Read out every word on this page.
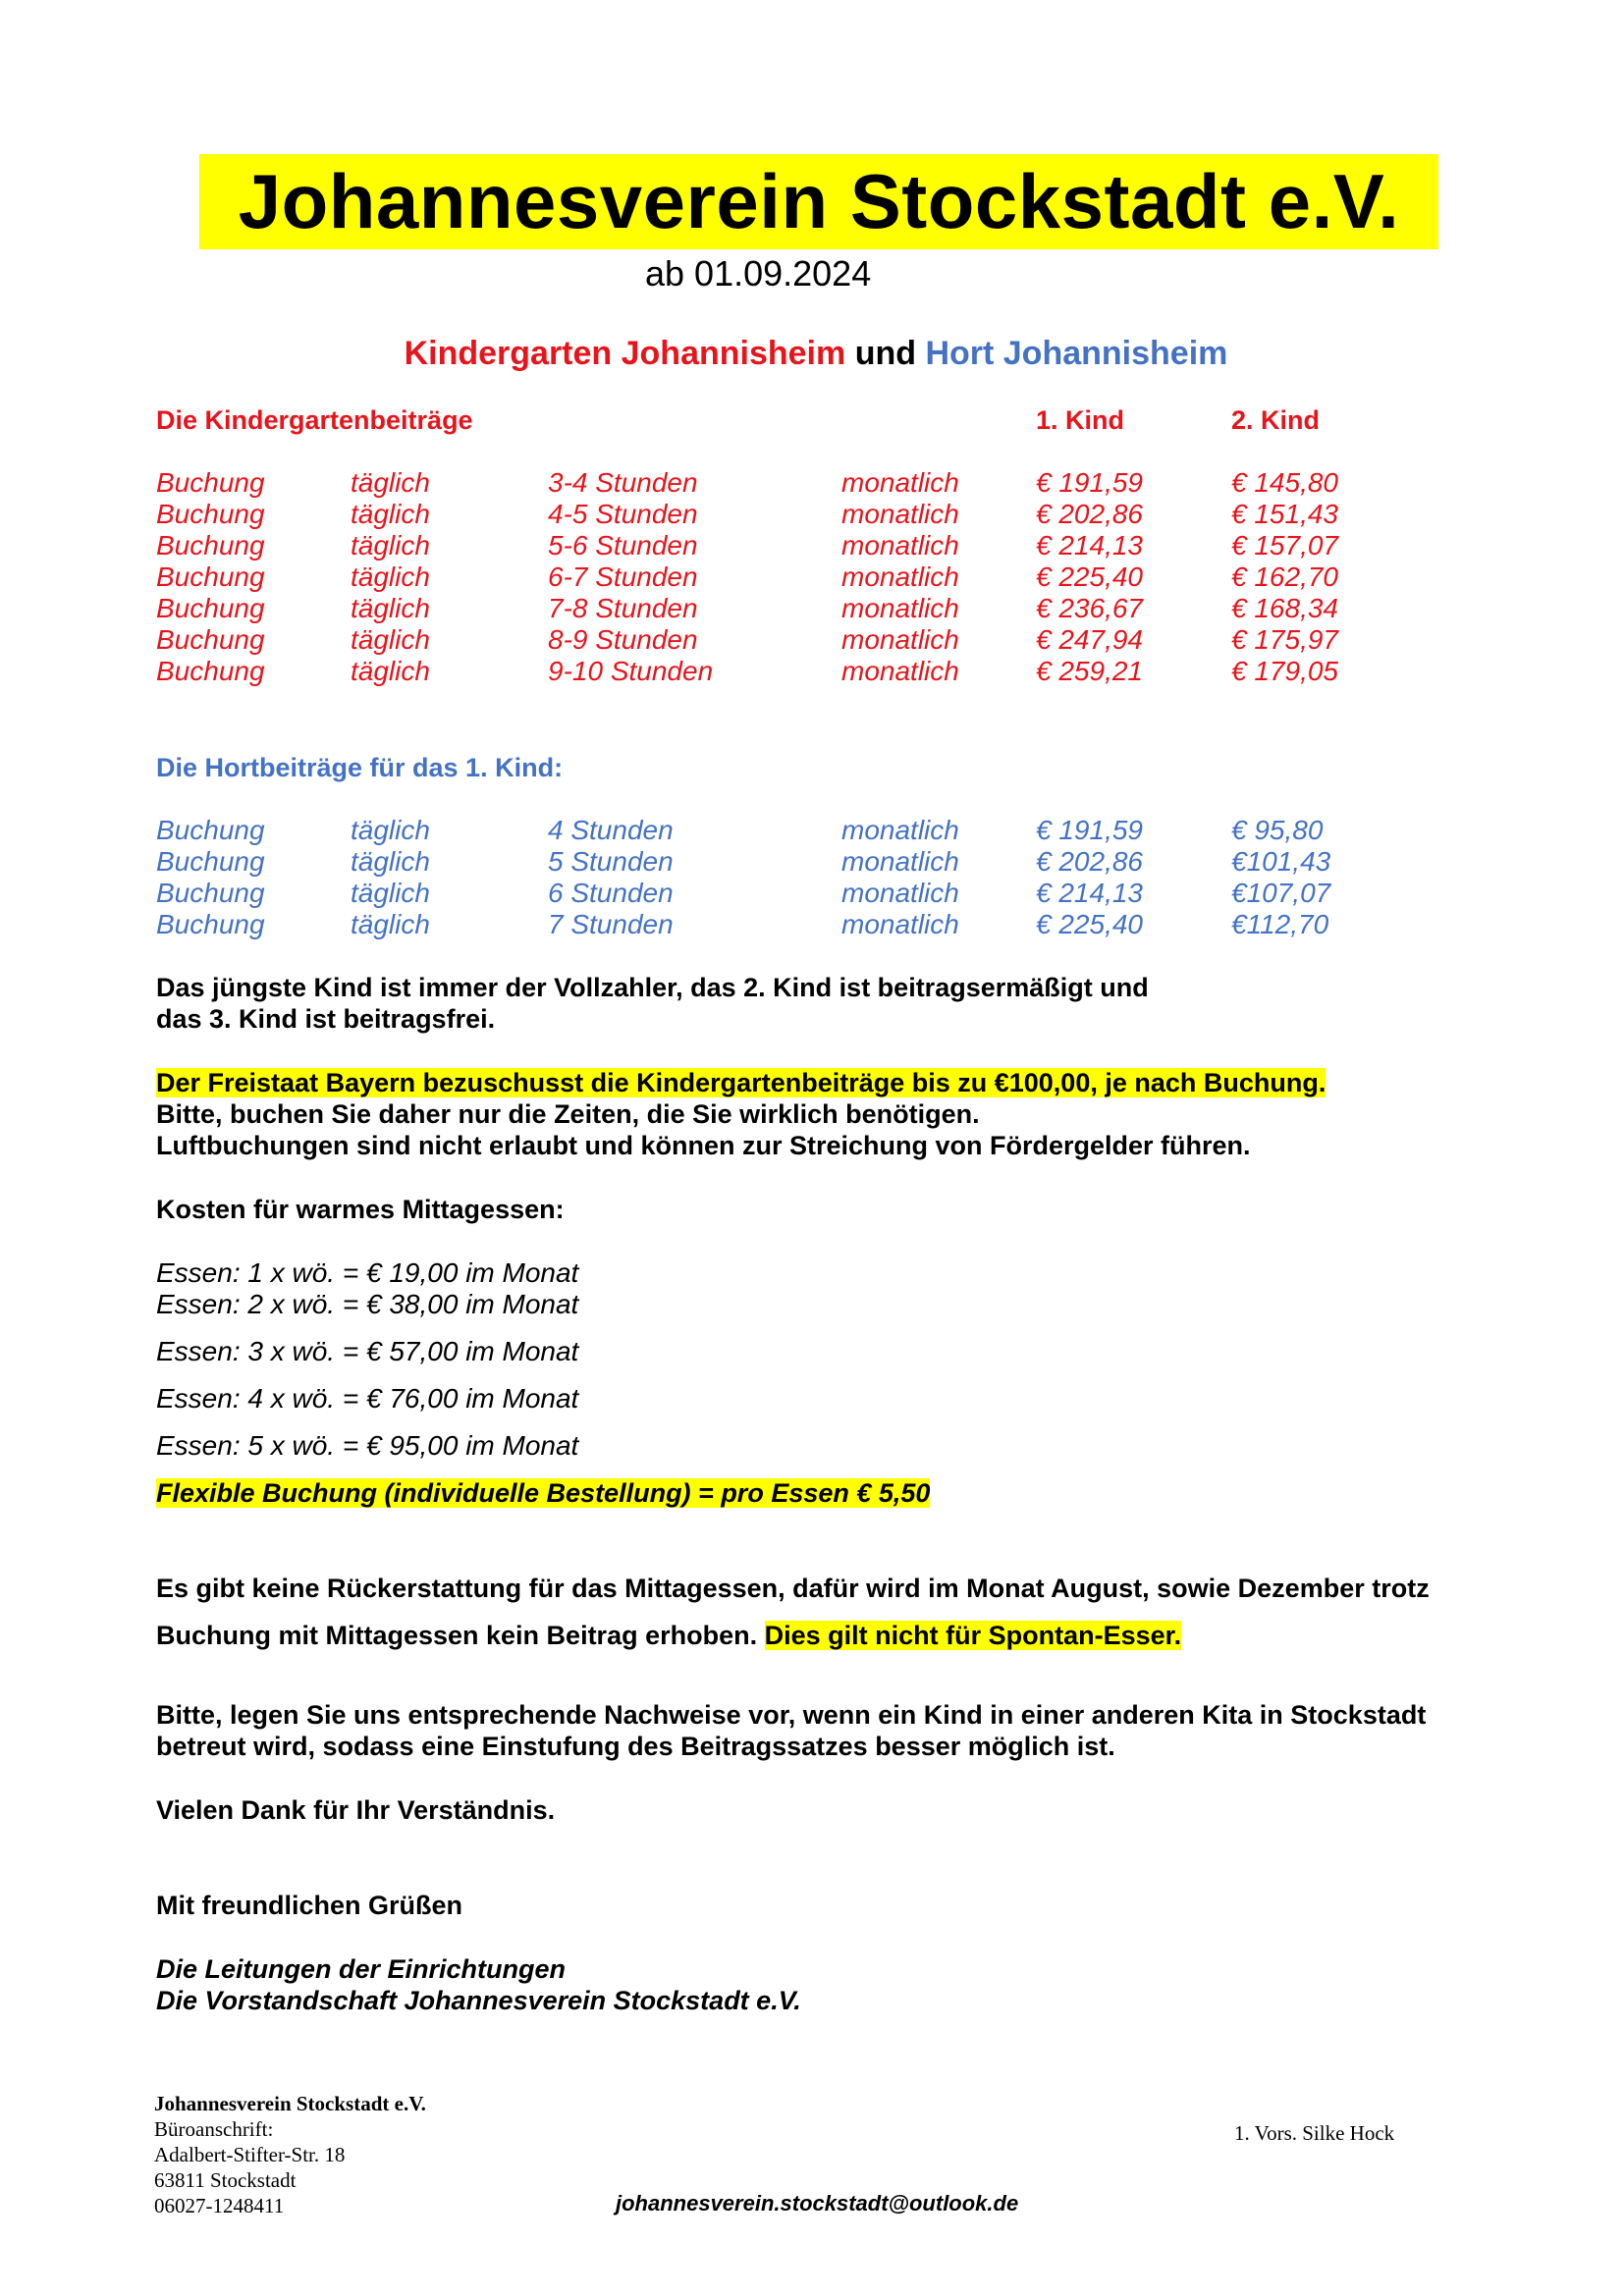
Johannesverein Stockstadt e.V.
ab 01.09.2024
Kindergarten Johannisheim und Hort Johannisheim
Die Kindergartenbeiträge	1. Kind	2. Kind
Buchung	täglich	3-4 Stunden	monatlich	€ 191,59	€ 145,80
Buchung	täglich	4-5 Stunden	monatlich	€ 202,86	€ 151,43
Buchung	täglich	5-6 Stunden	monatlich	€ 214,13	€ 157,07
Buchung	täglich	6-7 Stunden	monatlich	€ 225,40	€ 162,70
Buchung	täglich	7-8 Stunden	monatlich	€ 236,67	€ 168,34
Buchung	täglich	8-9 Stunden	monatlich	€ 247,94	€ 175,97
Buchung	täglich	9-10 Stunden	monatlich	€ 259,21	€ 179,05
Die Hortbeiträge für das 1. Kind:
Buchung	täglich	4 Stunden	monatlich	€ 191,59	€ 95,80
Buchung	täglich	5 Stunden	monatlich	€ 202,86	€101,43
Buchung	täglich	6 Stunden	monatlich	€ 214,13	€107,07
Buchung	täglich	7 Stunden	monatlich	€ 225,40	€112,70
Das jüngste Kind ist immer der Vollzahler, das 2. Kind ist beitragsermäßigt und
das 3. Kind ist beitragsfrei.
Der Freistaat Bayern bezuschusst die Kindergartenbeiträge bis zu €100,00, je nach Buchung.
Bitte, buchen Sie daher nur die Zeiten, die Sie wirklich benötigen.
Luftbuchungen sind nicht erlaubt und können zur Streichung von Fördergelder führen.
Kosten für warmes Mittagessen:
Essen: 1 x wö. = € 19,00 im Monat
Essen: 2 x wö. = € 38,00 im Monat
Essen: 3 x wö. = € 57,00 im Monat
Essen: 4 x wö. = € 76,00 im Monat
Essen: 5 x wö. = € 95,00 im Monat
Flexible Buchung (individuelle Bestellung) = pro Essen € 5,50
Es gibt keine Rückerstattung für das Mittagessen, dafür wird im Monat August, sowie Dezember trotz
Buchung mit Mittagessen kein Beitrag erhoben. Dies gilt nicht für Spontan-Esser.
Bitte, legen Sie uns entsprechende Nachweise vor, wenn ein Kind in einer anderen Kita in Stockstadt
betreut wird, sodass eine Einstufung des Beitragssatzes besser möglich ist.
Vielen Dank für Ihr Verständnis.
Mit freundlichen Grüßen
Die Leitungen der Einrichtungen
Die Vorstandschaft Johannesverein Stockstadt e.V.
Johannesverein Stockstadt e.V.
Büroanschrift:
Adalbert-Stifter-Str. 18
63811 Stockstadt
06027-1248411	johannesverein.stockstadt@outlook.de
1. Vors. Silke Hock
